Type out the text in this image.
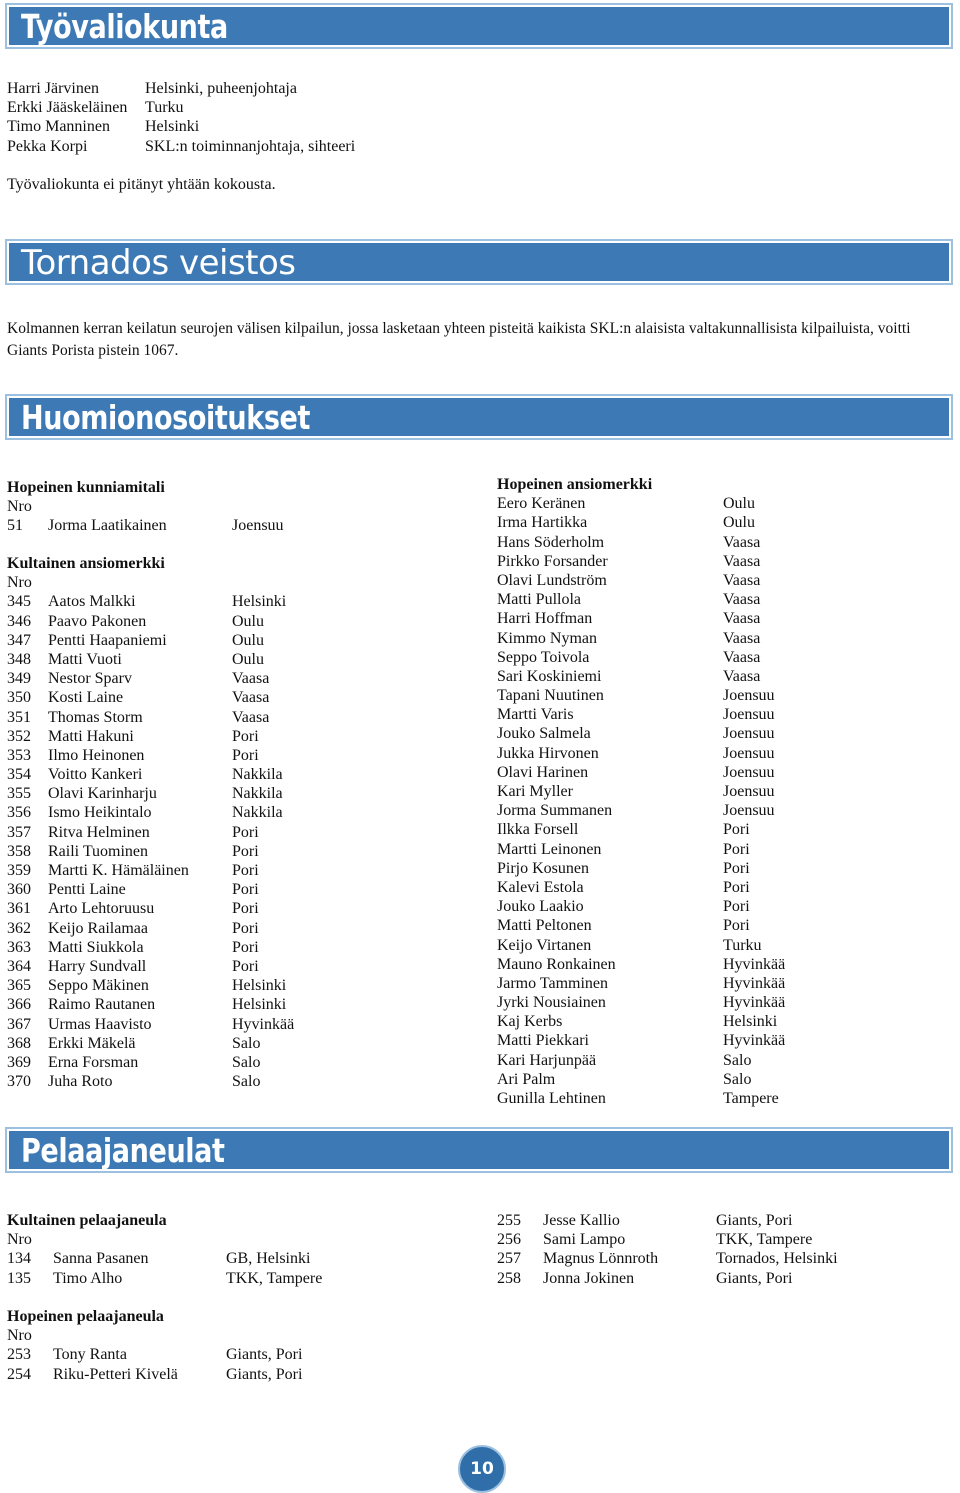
Työvaliokunta
Harri Järvinen	Helsinki, puheenjohtaja
Erkki Jääskeläinen Turku
Timo Manninen Helsinki
Pekka Korpi	SKL:n toiminnanjohtaja, sihteeri
Työvaliokunta ei pitänyt yhtään kokousta.
Tornados veistos
Kolmannen kerran keilatun seurojen välisen kilpailun, jossa lasketaan yhteen pisteitä kaikista SKL:n alaisista valtakunnallisista kilpailuista, voitti Giants Porista pistein 1067.
Huomionosoitukset
Hopeinen kunniamitali
Nro
51 Jorma Laatikainen	Joensuu
Kultainen ansiomerkki
Nro
345 Aatos Malkki	Helsinki
346 Paavo Pakonen	Oulu
347 Pentti Haapaniemi	Oulu
348 Matti Vuoti	Oulu
349 Nestor Sparv	Vaasa
350 Kosti Laine	Vaasa
351 Thomas Storm	Vaasa
352 Matti Hakuni	Pori
353 Ilmo Heinonen	Pori
354 Voitto Kankeri	Nakkila
355 Olavi Karinharju	Nakkila
356 Ismo Heikintalo	Nakkila
357 Ritva Helminen	Pori
358 Raili Tuominen	Pori
359 Martti K. Hämäläinen	Pori
360 Pentti Laine	Pori
361 Arto Lehtoruusu	Pori
362 Keijo Railamaa	Pori
363 Matti Siukkola	Pori
364 Harry Sundvall	Pori
365 Seppo Mäkinen	Helsinki
366 Raimo Rautanen	Helsinki
367 Urmas Haavisto	Hyvinkää
368 Erkki Mäkelä	Salo
369 Erna Forsman	Salo
370 Juha Roto	Salo
Hopeinen ansiomerkki
Eero Keränen	Oulu
Irma Hartikka	Oulu
Hans Söderholm	Vaasa
Pirkko Forsander	Vaasa
Olavi Lundström	Vaasa
Matti Pullola	Vaasa
Harri Hoffman	Vaasa
Kimmo Nyman	Vaasa
Seppo Toivola	Vaasa
Sari Koskiniemi	Vaasa
Tapani Nuutinen	Joensuu
Martti Varis	Joensuu
Jouko Salmela	Joensuu
Jukka Hirvonen	Joensuu
Olavi Harinen	Joensuu
Kari Myller	Joensuu
Jorma Summanen	Joensuu
Ilkka Forsell	Pori
Martti Leinonen	Pori
Pirjo Kosunen	Pori
Kalevi Estola	Pori
Jouko Laakio	Pori
Matti Peltonen	Pori
Keijo Virtanen	Turku
Mauno Ronkainen	Hyvinkää
Jarmo Tamminen	Hyvinkää
Jyrki Nousiainen	Hyvinkää
Kaj Kerbs	Helsinki
Matti Piekkari	Hyvinkää
Kari Harjunpää	Salo
Ari Palm	Salo
Gunilla Lehtinen	Tampere
Pelaajaneulat
Kultainen pelaajaneula
Nro
134 Sanna Pasanen	GB, Helsinki
135 Timo Alho	TKK, Tampere
Hopeinen pelaajaneula
Nro
253 Tony Ranta	Giants, Pori
254 Riku-Petteri Kivelä	Giants, Pori
255 Jesse Kallio	Giants, Pori
256 Sami Lampo	TKK, Tampere
257 Magnus Lönnroth	Tornados, Helsinki
258 Jonna Jokinen	Giants, Pori
10
